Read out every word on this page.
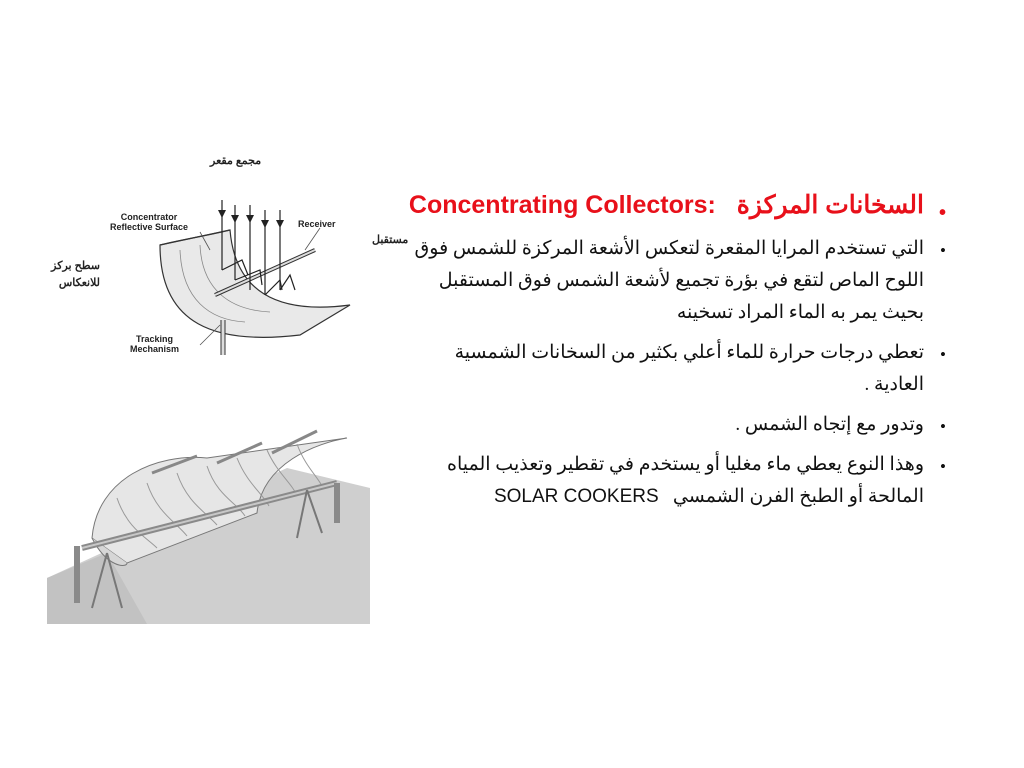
مجمع مقعر
Concentrator
Reflective Surface	Receiver
مستقبل
سطح بركز للانعكاس
Tracking
Mechanism
•
السخانات المركزة   Concentrating Collectors:
•
التي تستخدم المرايا المقعرة لتعكس الأشعة المركزة للشمس فوق اللوح الماص لتقع في بؤرة تجميع لأشعة الشمس فوق المستقبل بحيث يمر به الماء المراد تسخينه
•
تعطي درجات حرارة للماء أعلي بكثير من السخانات الشمسية العادية .
•
وتدور مع إتجاه الشمس .
•
وهذا النوع يعطي ماء مغليا أو يستخدم في تقطير وتعذيب المياه المالحة أو الطبخ الفرن الشمسي   SOLAR COOKERS
